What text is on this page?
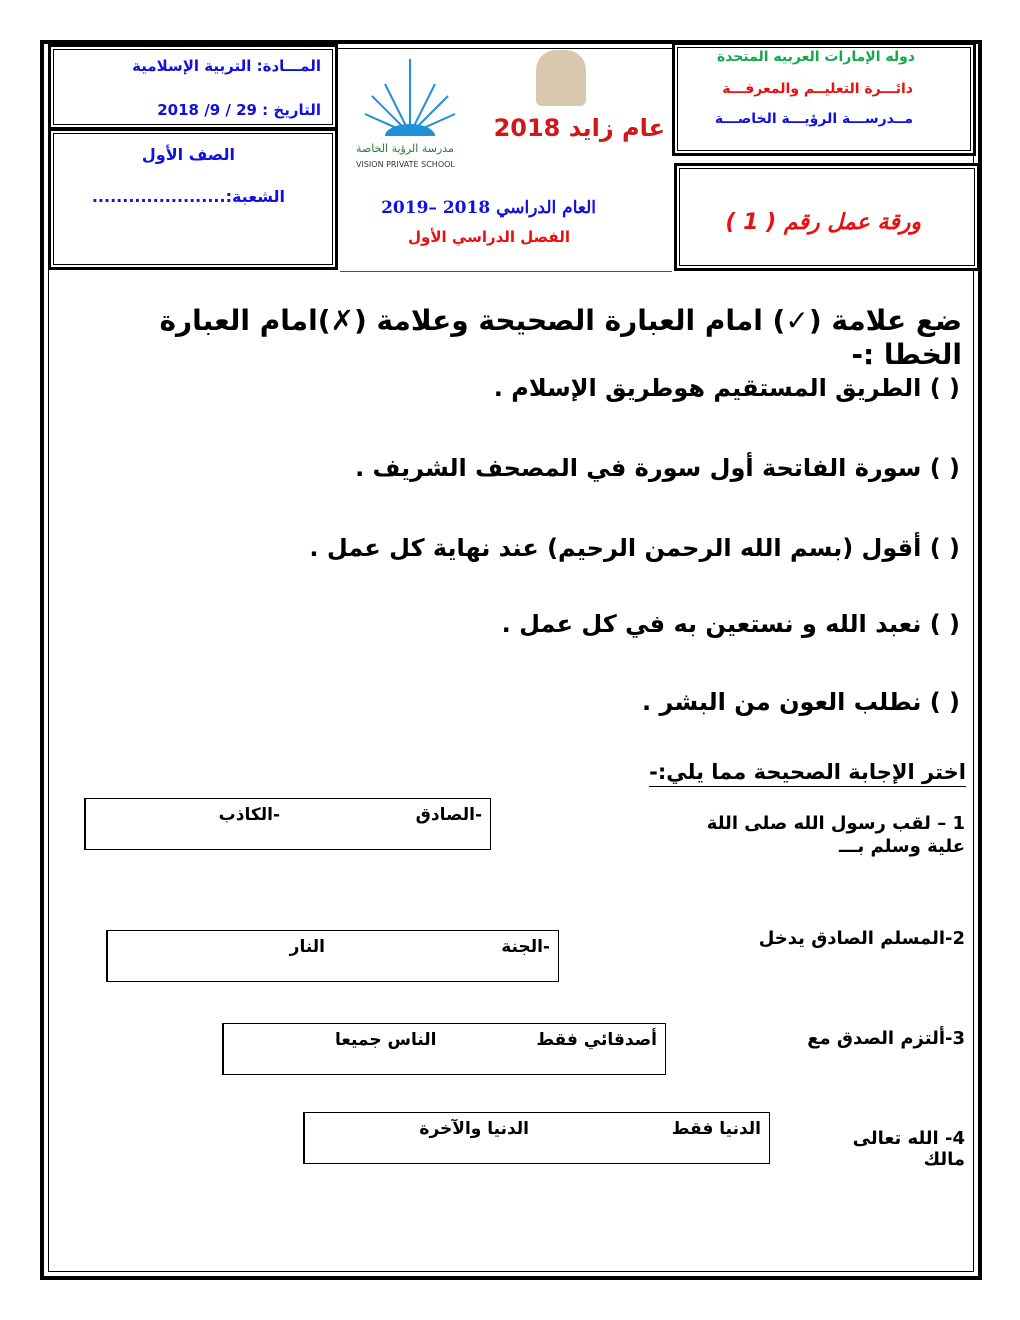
المـــادة: التربية الإسلامية
التاريخ : 29 / 9/ 2018
الصف الأول
الشعبة:......................
مدرسة الرؤية الخاصة
VISION PRIVATE SCHOOL
عام زايد 2018
العام الدراسي 2018 –2019
الفصل الدراسي الأول
دوله الإمارات العربيه المتحدة
دائـــرة التعليــم والمعرفـــة
مــدرســـة الرؤيـــة الخاصـــة
ورقة عمل رقم ( 1 )
ضع علامة (✓) امام العبارة الصحيحة وعلامة (✗)امام العبارة الخطا :-
( ) الطريق المستقيم هوطريق الإسلام .
( ) سورة الفاتحة أول سورة في المصحف الشريف .
( ) أقول (بسم الله الرحمن الرحيم) عند نهاية كل عمل .
( ) نعبد الله و نستعين به في كل عمل .
( ) نطلب العون من البشر .
اختر الإجابة الصحيحة مما يلي:-
1 – لقب رسول الله صلى اللة علية وسلم بـــ
-الكاذب	-الصادق
2-المسلم الصادق يدخل
النار	-الجنة
3-ألتزم الصدق مع
الناس جميعا	أصدقائي فقط
4- الله تعالى مالك
الدنيا والآخرة	الدنيا فقط
